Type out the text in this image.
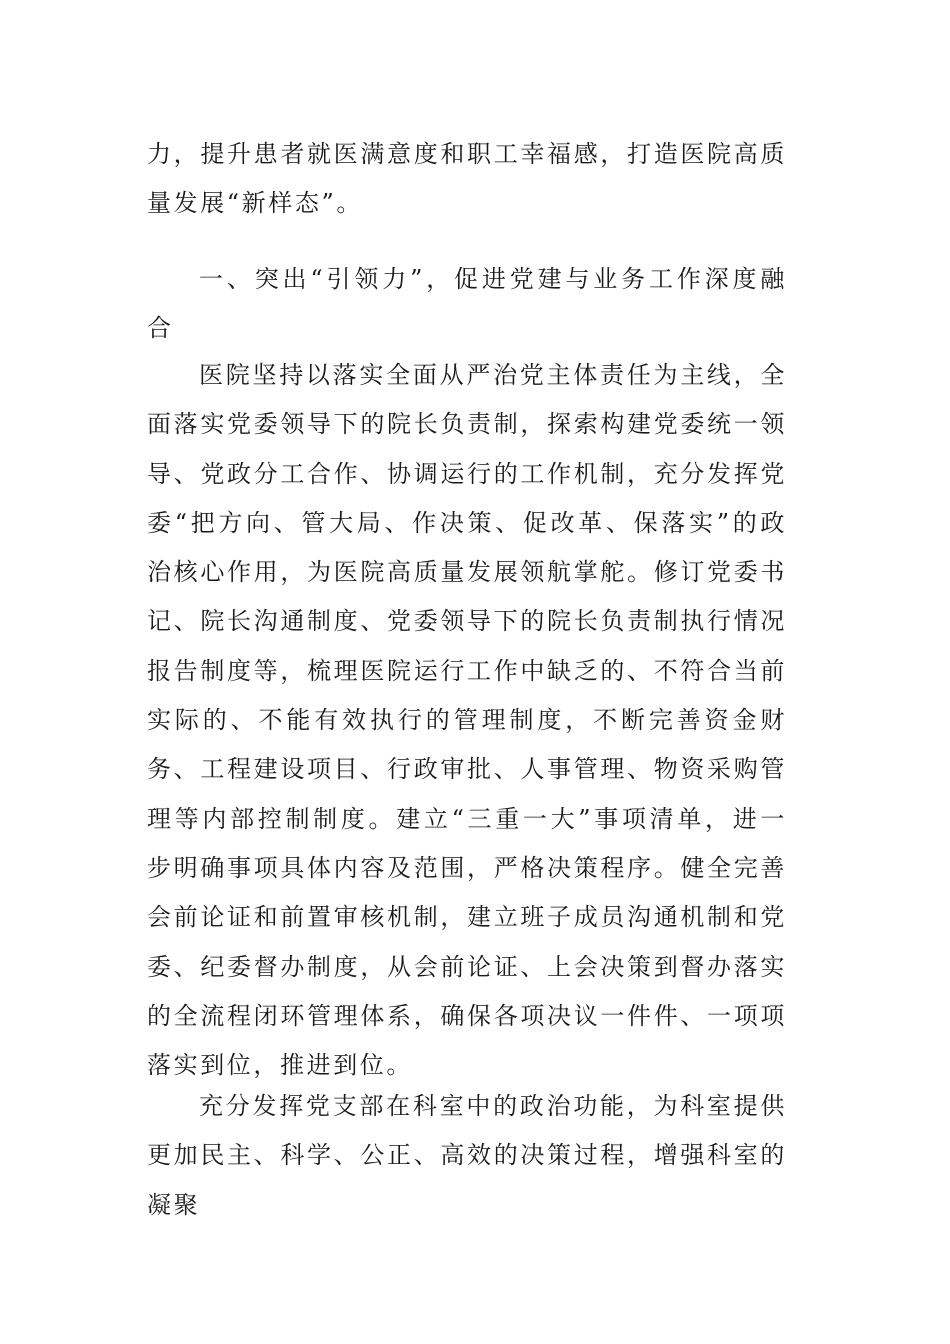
力，提升患者就医满意度和职工幸福感，打造医院高质量发展“新样态”。

一、突出“引领力”，促进党建与业务工作深度融合

医院坚持以落实全面从严治党主体责任为主线，全面落实党委领导下的院长负责制，探索构建党委统一领导、党政分工合作、协调运行的工作机制，充分发挥党委“把方向、管大局、作决策、促改革、保落实”的政治核心作用，为医院高质量发展领航掌舵。修订党委书记、院长沟通制度、党委领导下的院长负责制执行情况报告制度等，梳理医院运行工作中缺乏的、不符合当前实际的、不能有效执行的管理制度，不断完善资金财务、工程建设项目、行政审批、人事管理、物资采购管理等内部控制制度。建立“三重一大”事项清单，进一步明确事项具体内容及范围，严格决策程序。健全完善会前论证和前置审核机制，建立班子成员沟通机制和党委、纪委督办制度，从会前论证、上会决策到督办落实的全流程闭环管理体系，确保各项决议一件件、一项项落实到位，推进到位。

充分发挥党支部在科室中的政治功能，为科室提供更加民主、科学、公正、高效的决策过程，增强科室的凝聚
